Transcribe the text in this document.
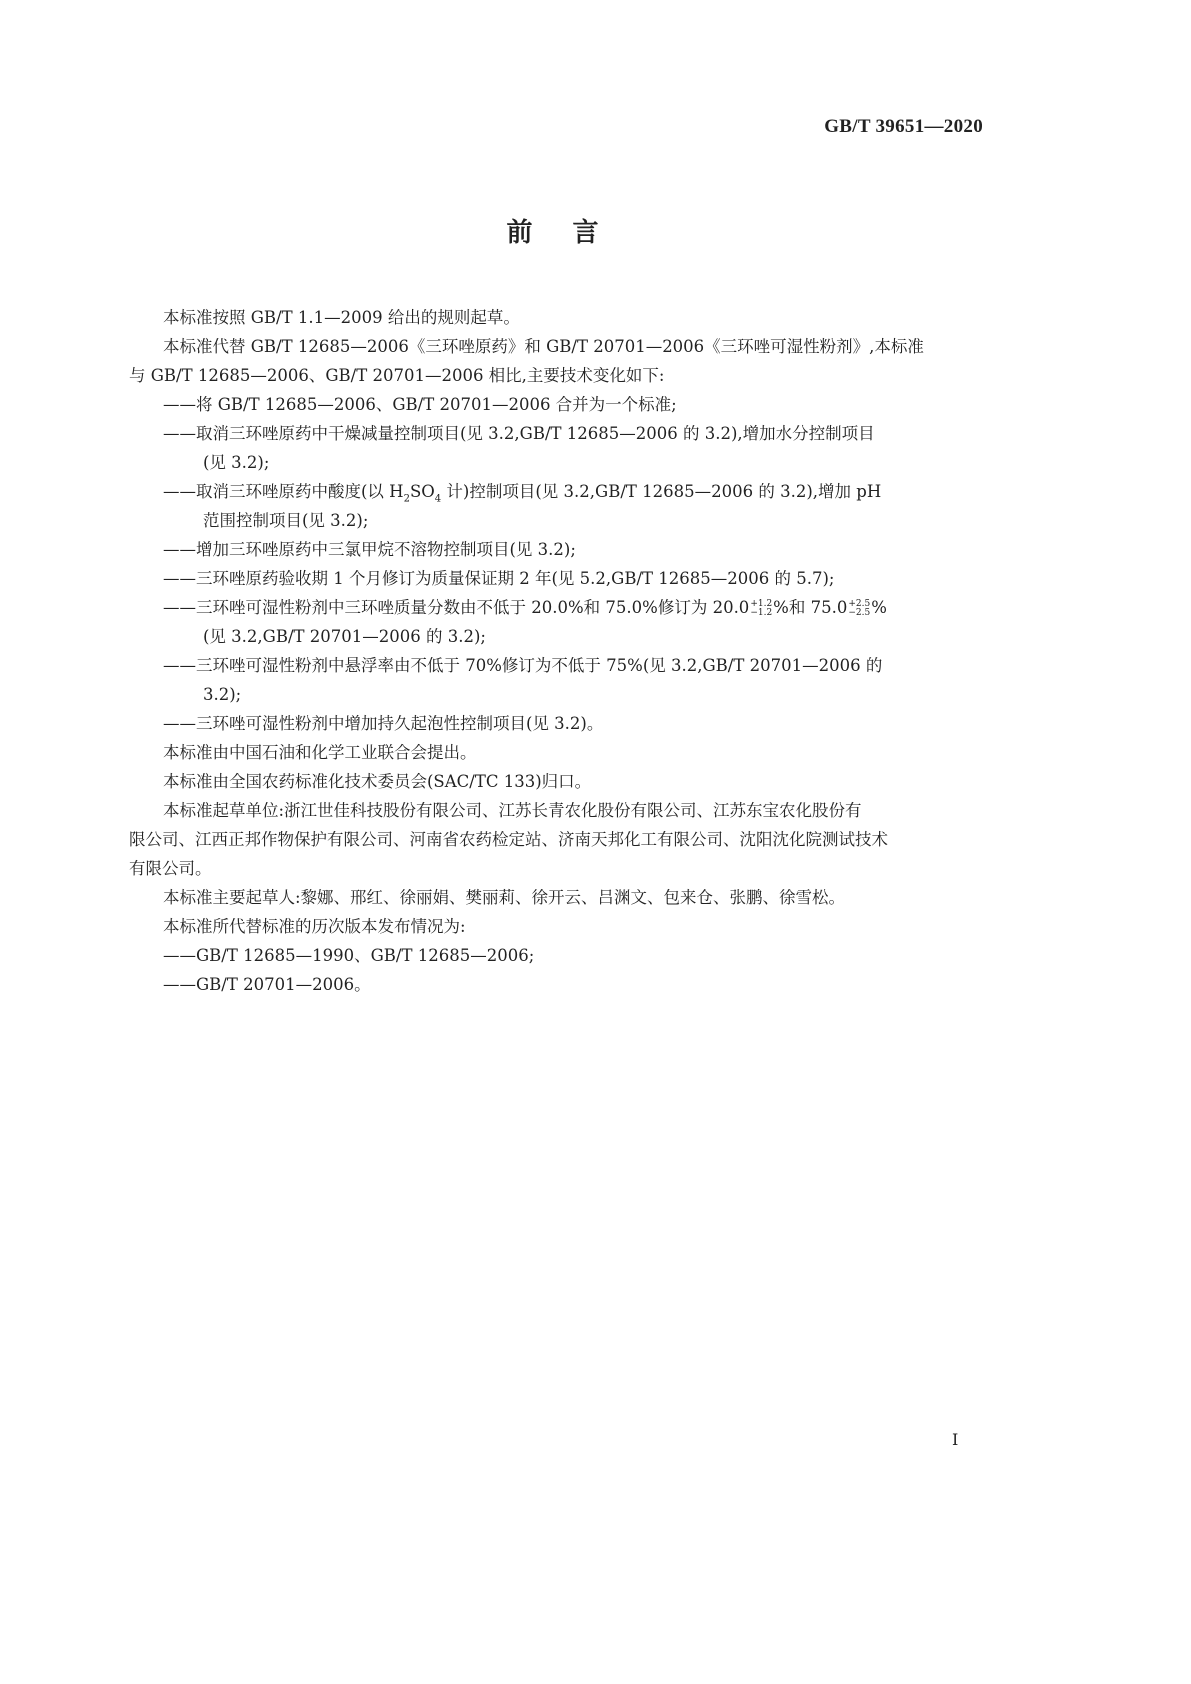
GB/T 39651—2020
前言
本标准按照 GB/T 1.1—2009 给出的规则起草。
本标准代替 GB/T 12685—2006《三环唑原药》和 GB/T 20701—2006《三环唑可湿性粉剂》,本标准
与 GB/T 12685—2006、GB/T 20701—2006 相比,主要技术变化如下:
——将 GB/T 12685—2006、GB/T 20701—2006 合并为一个标准;
——取消三环唑原药中干燥减量控制项目(见 3.2,GB/T 12685—2006 的 3.2),增加水分控制项目
(见 3.2);
——取消三环唑原药中酸度(以 $H_2SO_4$ 计)控制项目(见 3.2,GB/T 12685—2006 的 3.2),增加 pH
范围控制项目(见 3.2);
——增加三环唑原药中三氯甲烷不溶物控制项目(见 3.2);
——三环唑原药验收期 1 个月修订为质量保证期 2 年(见 5.2,GB/T 12685—2006 的 5.7);
——三环唑可湿性粉剂中三环唑质量分数由不低于 20.0%和 75.0%修订为 20.0 +1.2
−1.2 %和 75.0 +2.5
−2.5 %
(见 3.2,GB/T 20701—2006 的 3.2);
——三环唑可湿性粉剂中悬浮率由不低于 70%修订为不低于 75%(见 3.2,GB/T 20701—2006 的
3.2);
——三环唑可湿性粉剂中增加持久起泡性控制项目(见 3.2)。
本标准由中国石油和化学工业联合会提出。
本标准由全国农药标准化技术委员会(SAC/TC 133)归口。
本标准起草单位:浙江世佳科技股份有限公司、江苏长青农化股份有限公司、江苏东宝农化股份有
限公司、江西正邦作物保护有限公司、河南省农药检定站、济南天邦化工有限公司、沈阳沈化院测试技术
有限公司。
本标准主要起草人:黎娜、邢红、徐丽娟、樊丽莉、徐开云、吕渊文、包来仓、张鹏、徐雪松。
本标准所代替标准的历次版本发布情况为:
——GB/T 12685—1990、GB/T 12685—2006;
——GB/T 20701—2006。
I
